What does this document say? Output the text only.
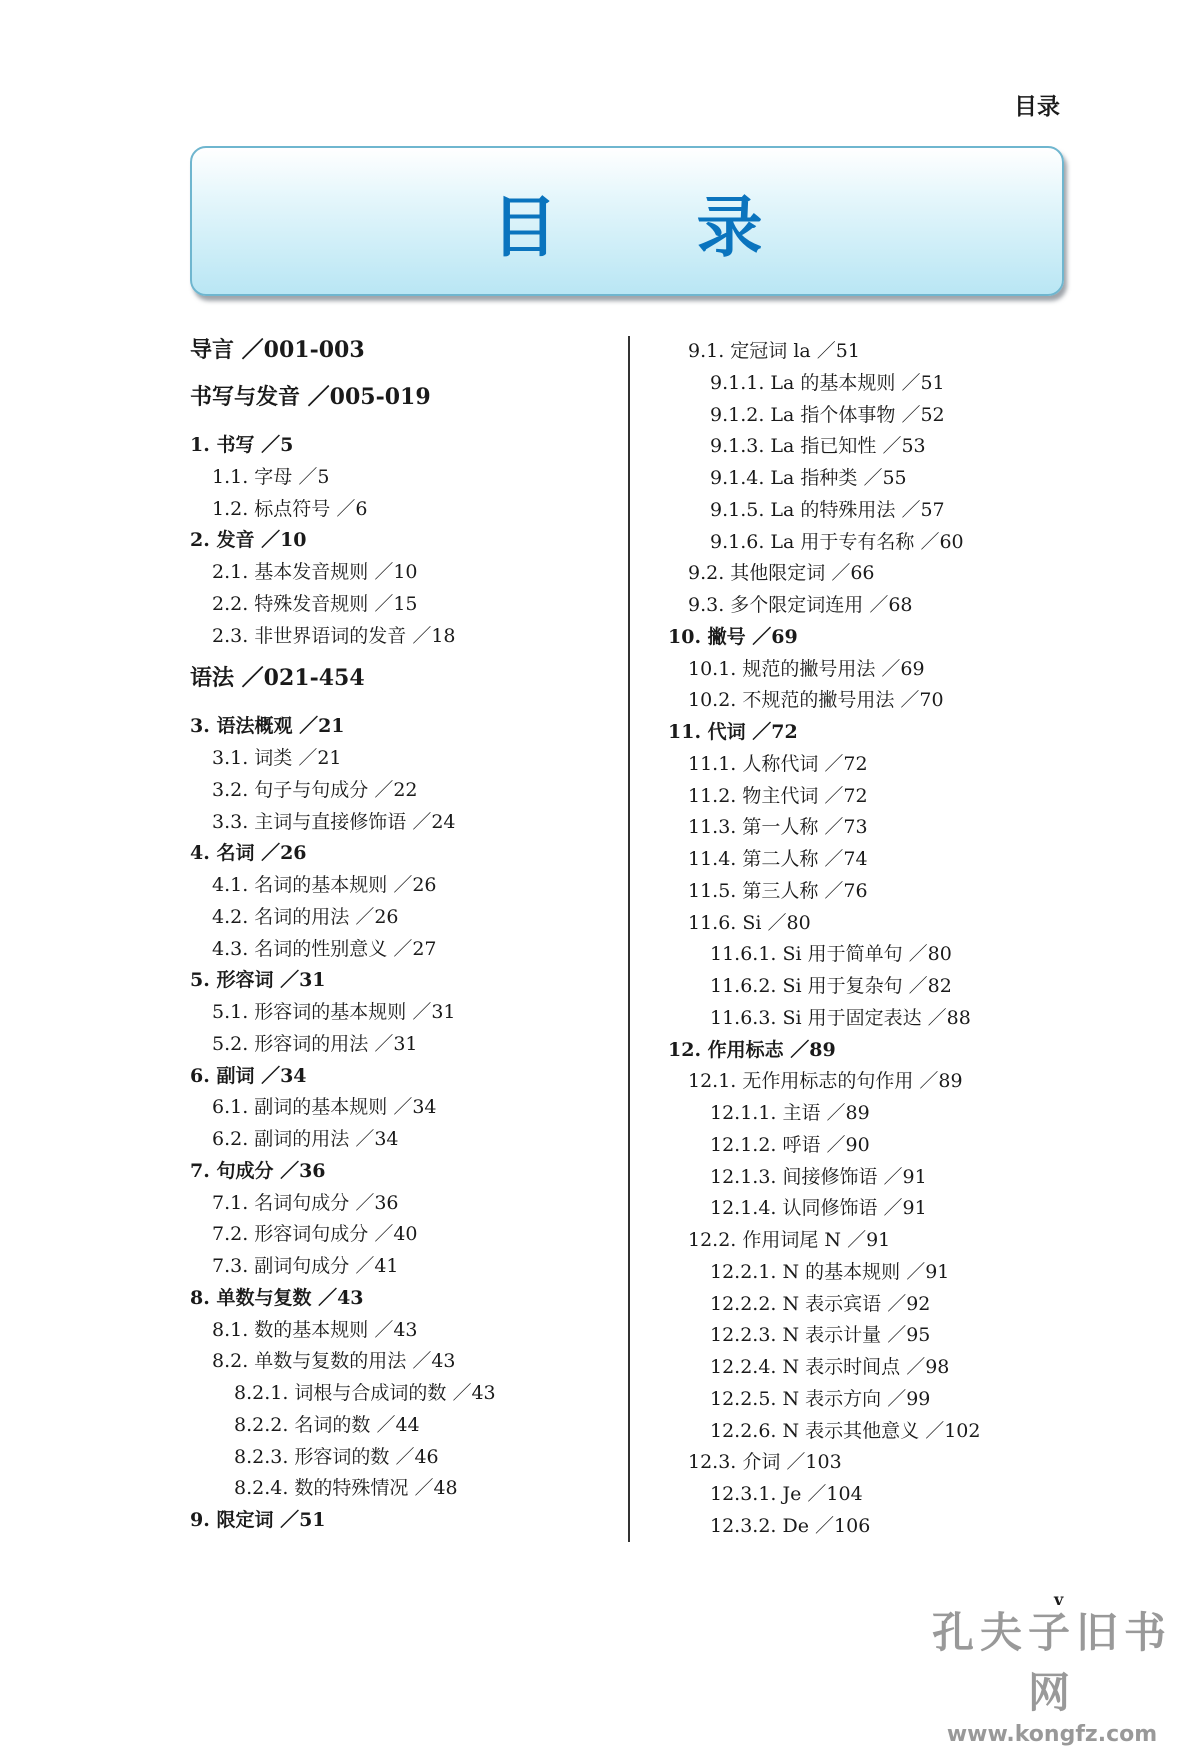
目录
目 录
导言 ／001-003
书写与发音 ／005-019
1. 书写 ／5
1.1. 字母 ／5
1.2. 标点符号 ／6
2. 发音 ／10
2.1. 基本发音规则 ／10
2.2. 特殊发音规则 ／15
2.3. 非世界语词的发音 ／18
语法 ／021-454
3. 语法概观 ／21
3.1. 词类 ／21
3.2. 句子与句成分 ／22
3.3. 主词与直接修饰语 ／24
4. 名词 ／26
4.1. 名词的基本规则 ／26
4.2. 名词的用法 ／26
4.3. 名词的性别意义 ／27
5. 形容词 ／31
5.1. 形容词的基本规则 ／31
5.2. 形容词的用法 ／31
6. 副词 ／34
6.1. 副词的基本规则 ／34
6.2. 副词的用法 ／34
7. 句成分 ／36
7.1. 名词句成分 ／36
7.2. 形容词句成分 ／40
7.3. 副词句成分 ／41
8. 单数与复数 ／43
8.1. 数的基本规则 ／43
8.2. 单数与复数的用法 ／43
8.2.1. 词根与合成词的数 ／43
8.2.2. 名词的数 ／44
8.2.3. 形容词的数 ／46
8.2.4. 数的特殊情况 ／48
9. 限定词 ／51
9.1. 定冠词 la ／51
9.1.1. La 的基本规则 ／51
9.1.2. La 指个体事物 ／52
9.1.3. La 指已知性 ／53
9.1.4. La 指种类 ／55
9.1.5. La 的特殊用法 ／57
9.1.6. La 用于专有名称 ／60
9.2. 其他限定词 ／66
9.3. 多个限定词连用 ／68
10. 撇号 ／69
10.1. 规范的撇号用法 ／69
10.2. 不规范的撇号用法 ／70
11. 代词 ／72
11.1. 人称代词 ／72
11.2. 物主代词 ／72
11.3. 第一人称 ／73
11.4. 第二人称 ／74
11.5. 第三人称 ／76
11.6. Si ／80
11.6.1. Si 用于简单句 ／80
11.6.2. Si 用于复杂句 ／82
11.6.3. Si 用于固定表达 ／88
12. 作用标志 ／89
12.1. 无作用标志的句作用 ／89
12.1.1. 主语 ／89
12.1.2. 呼语 ／90
12.1.3. 间接修饰语 ／91
12.1.4. 认同修饰语 ／91
12.2. 作用词尾 N ／91
12.2.1. N 的基本规则 ／91
12.2.2. N 表示宾语 ／92
12.2.3. N 表示计量 ／95
12.2.4. N 表示时间点 ／98
12.2.5. N 表示方向 ／99
12.2.6. N 表示其他意义 ／102
12.3. 介词 ／103
12.3.1. Je ／104
12.3.2. De ／106
v
孔夫子旧书网
www.kongfz.com
